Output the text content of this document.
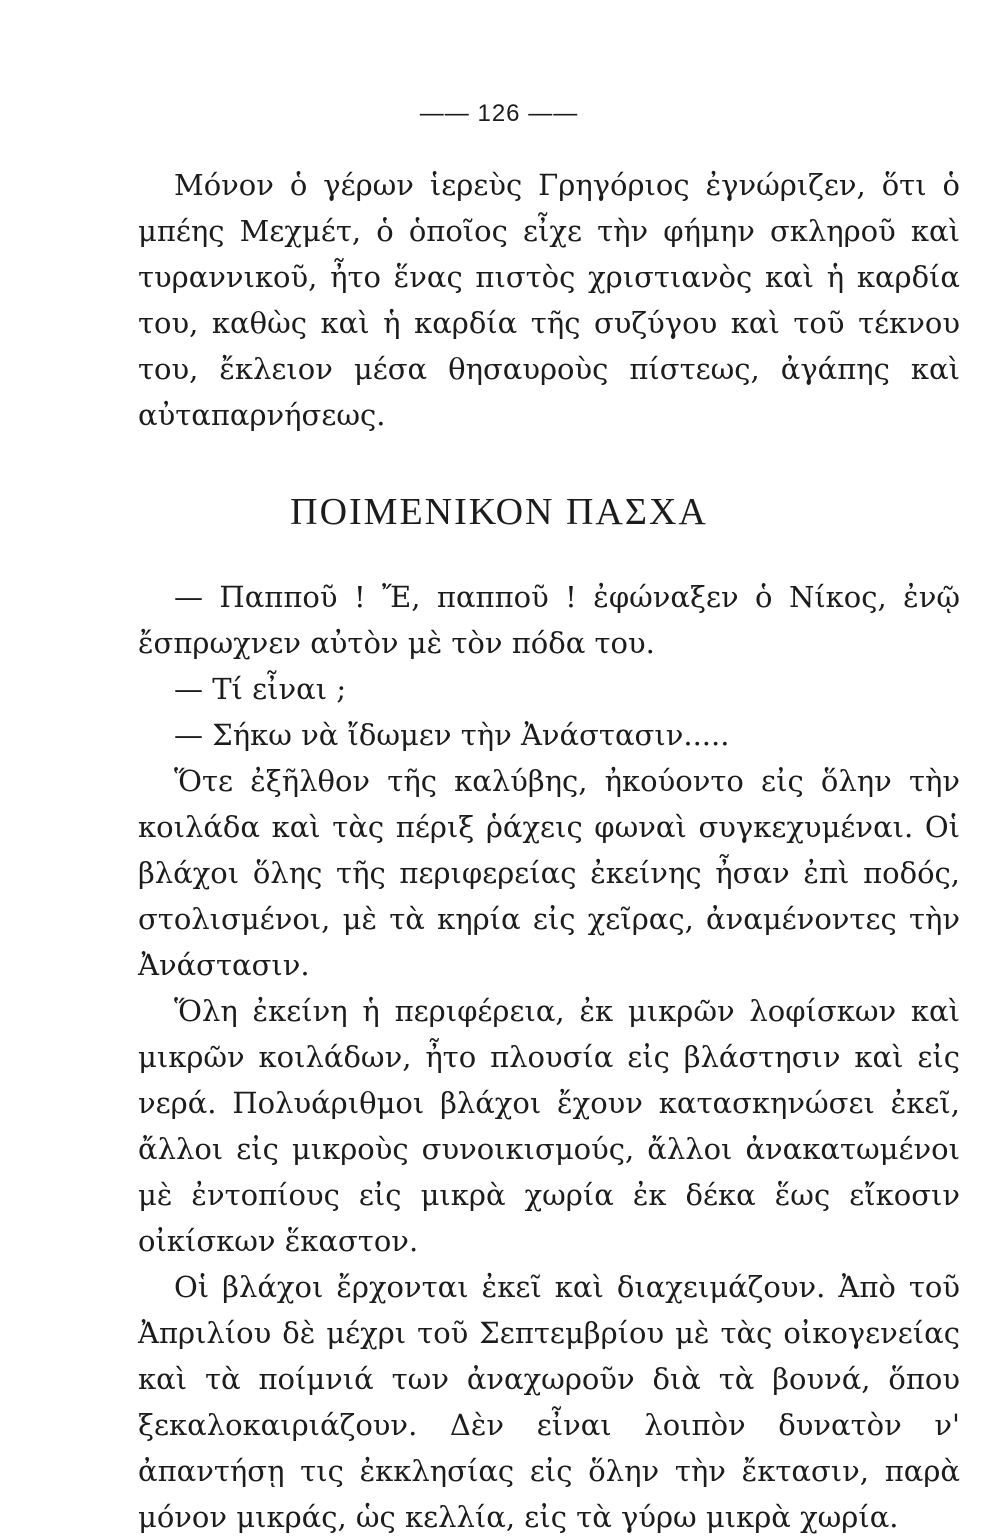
—— 126 ——

Μόνον ὁ γέρων ἱερεὺς Γρηγόριος ἐγνώριζεν, ὅτι ὁ μπέης Μεχμέτ, ὁ ὁποῖος εἶχε τὴν φήμην σκληροῦ καὶ τυραννικοῦ, ἦτο ἕνας πιστὸς χριστιανὸς καὶ ἡ καρδία του, καθὼς καὶ ἡ καρδία τῆς συζύγου καὶ τοῦ τέκνου του, ἔκλειον μέσα θησαυροὺς πίστεως, ἀγάπης καὶ αὐταπαρνήσεως.

ΠΟΙΜΕΝΙΚΟΝ ΠΑΣΧΑ

— Παπποῦ ! Ἔ, παπποῦ ! ἐφώναξεν ὁ Νίκος, ἐνῷ ἔσπρωχνεν αὐτὸν μὲ τὸν πόδα του.

— Τί εἶναι ;

— Σήκω νὰ ἴδωμεν τὴν Ἀνάστασιν.....

Ὅτε ἐξῆλθον τῆς καλύβης, ἠκούοντο εἰς ὅλην τὴν κοιλάδα καὶ τὰς πέριξ ῥάχεις φωναὶ συγκεχυμέναι. Οἱ βλάχοι ὅλης τῆς περιφερείας ἐκείνης ἦσαν ἐπὶ ποδός, στολισμένοι, μὲ τὰ κηρία εἰς χεῖρας, ἀναμένοντες τὴν Ἀνάστασιν.

Ὅλη ἐκείνη ἡ περιφέρεια, ἐκ μικρῶν λοφίσκων καὶ μικρῶν κοιλάδων, ἦτο πλουσία εἰς βλάστησιν καὶ εἰς νερά. Πολυάριθμοι βλάχοι ἔχουν κατασκηνώσει ἐκεῖ, ἄλλοι εἰς μικροὺς συνοικισμούς, ἄλλοι ἀνακατωμένοι μὲ ἐντοπίους εἰς μικρὰ χωρία ἐκ δέκα ἕως εἴκοσιν οἰκίσκων ἕκαστον.

Οἱ βλάχοι ἔρχονται ἐκεῖ καὶ διαχειμάζουν. Ἀπὸ τοῦ Ἀπριλίου δὲ μέχρι τοῦ Σεπτεμβρίου μὲ τὰς οἰκογενείας καὶ τὰ ποίμνιά των ἀναχωροῦν διὰ τὰ βουνά, ὅπου ξεκαλοκαιριάζουν. Δὲν εἶναι λοιπὸν δυνατὸν ν' ἀπαντήσῃ τις ἐκκλησίας εἰς ὅλην τὴν ἔκτασιν, παρὰ μόνον μικράς, ὡς κελλία, εἰς τὰ γύρω μικρὰ χωρία.
